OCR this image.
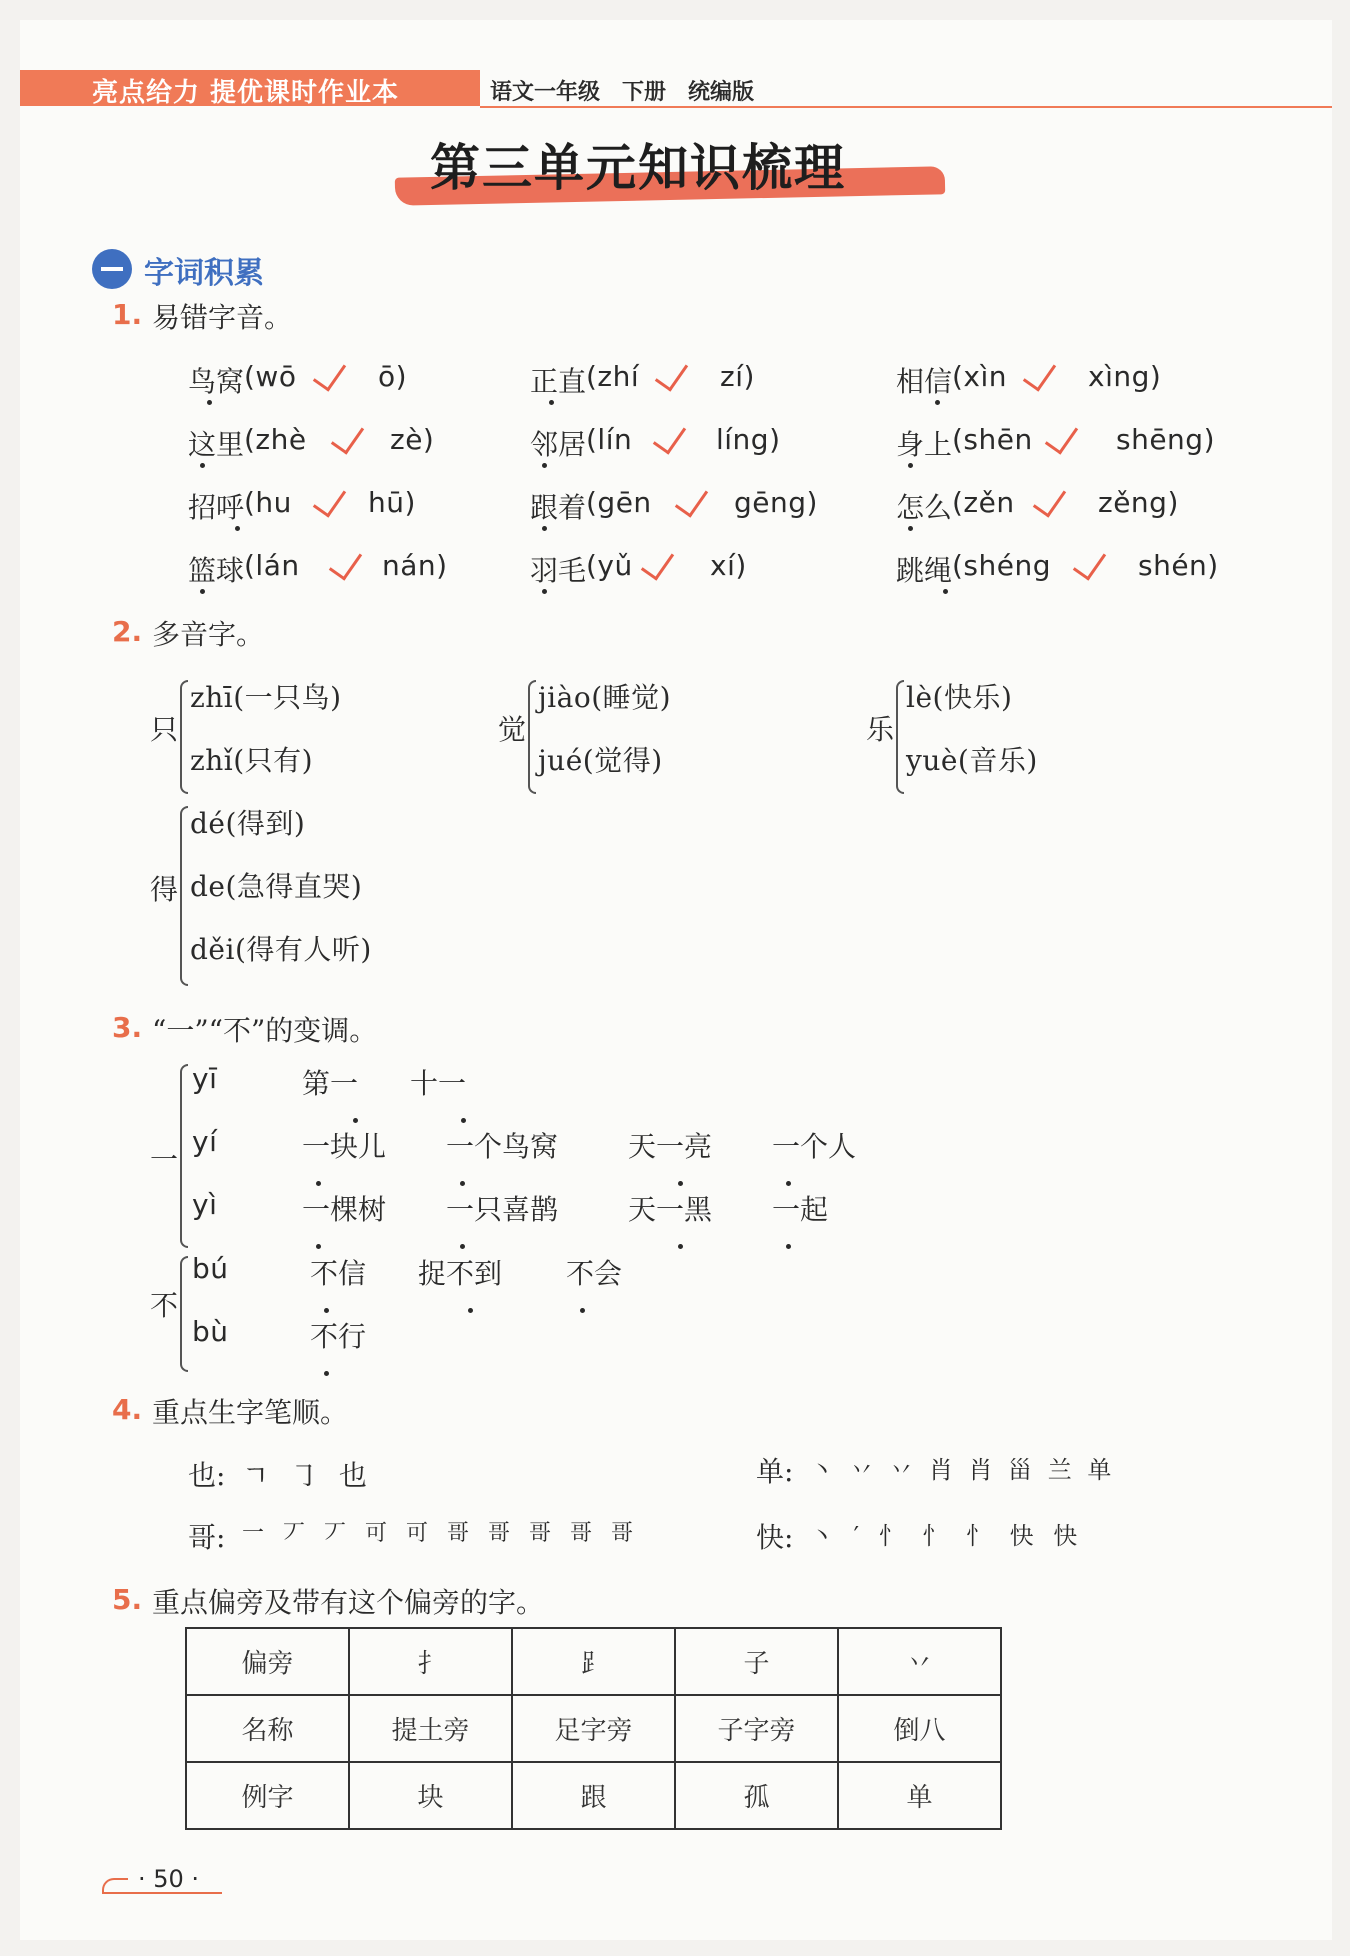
亮点给力 提优课时作业本	语文一年级　下册　统编版
第三单元知识梳理
字词积累
1. 易错字音。
鸟窝 (wō	ō)	正直 (zhí	zí)	相信 (xìn	xìng)
这里 (zhè	zè)	邻居 (lín	líng)	身上 (shēn	shēng)
招呼 (hu	hū)	跟着 (gēn	gēng)	怎么 (zěn	zěng)
篮球 (lán	nán)	羽毛 (yǔ	xí)	跳绳 (shéng	shén)
2. 多音字。
只
zhī(一只鸟)
zhǐ(只有)
觉
jiào(睡觉)
jué(觉得)
乐
lè(快乐)
yuè(音乐)
得
dé(得到)
de(急得直哭)
děi(得有人听)
3. “一”“不”的变调。
一
yī	第一 十一
yí	一块儿 一个鸟窝 天一亮 一个人
yì	一棵树 一只喜鹊 天一黑 一起
不
bú	不信 捉不到 不会
bù	不行
4. 重点生字笔顺。
也: ㄱ ㇆ 也	单: 丶 丷 丷 肖 肖 甾 兰 单
哥: 一 丆 丆 可 可 哥 哥 哥 哥 哥	快: 丶 ′ 忄 忄 忄 快 快
5. 重点偏旁及带有这个偏旁的字。
偏旁	扌	⻊	子	丷
名称	提土旁	足字旁	子字旁	倒八
例字	块	跟	孤	单
· 50 ·
